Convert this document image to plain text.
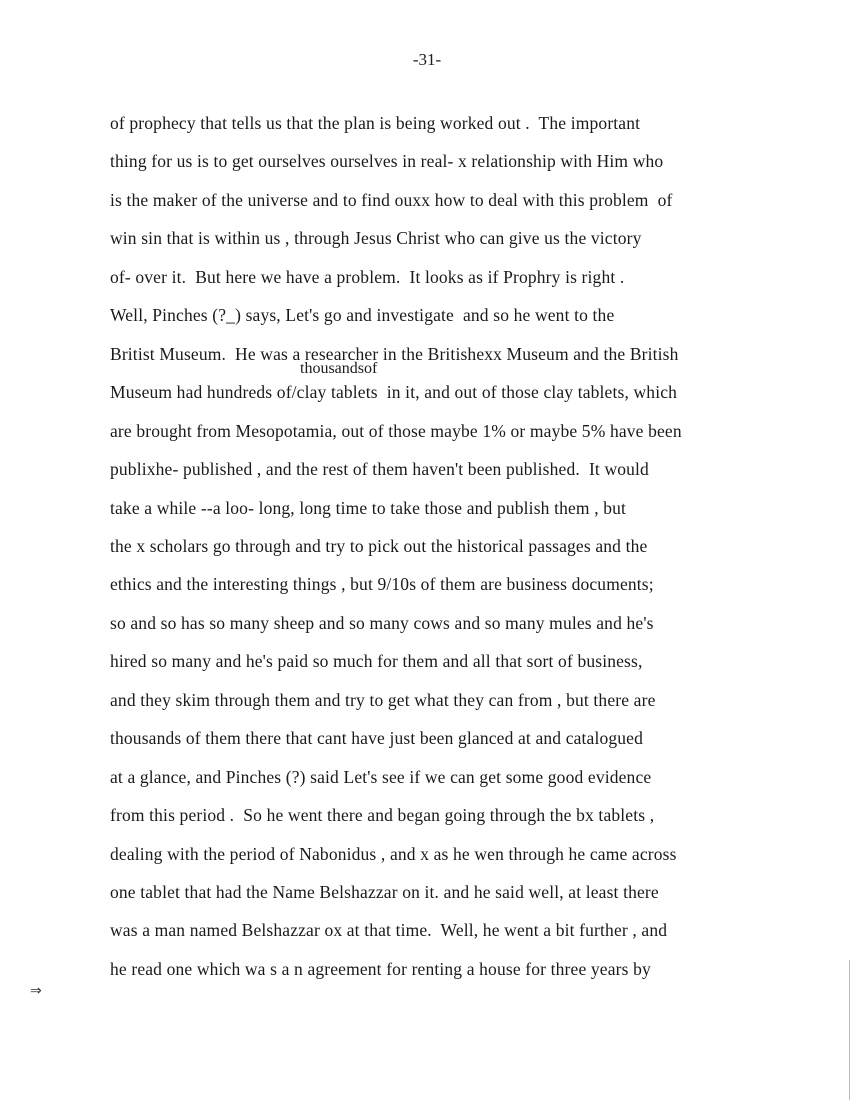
-31-
thousandsof
of prophecy that tells us that the plan is being worked out .  The important
thing for us is to get ourselves ourselves in real- x relationship with Him who
is the maker of the universe and to find ouxx how to deal with this problem  of
win sin that is within us , through Jesus Christ who can give us the victory
of- over it.  But here we have a problem.  It looks as if Prophry is right .
Well, Pinches (?_) says, Let's go and investigate  and so he went to the
Britist Museum.  He was a researcher in the Britishexx Museum and the British
Museum had hundreds of/clay tablets  in it, and out of those clay tablets, which
are brought from Mesopotamia, out of those maybe 1% or maybe 5% have been
publixhe- published , and the rest of them haven't been published.  It would
take a while --a loo- long, long time to take those and publish them , but
the x scholars go through and try to pick out the historical passages and the
ethics and the interesting things , but 9/10s of them are business documents;
so and so has so many sheep and so many cows and so many mules and he's
hired so many and he's paid so much for them and all that sort of business,
and they skim through them and try to get what they can from , but there are
thousands of them there that cant have just been glanced at and catalogued
at a glance, and Pinches (?) said Let's see if we can get some good evidence
from this period .  So he went there and began going through the bx tablets ,
dealing with the period of Nabonidus , and x as he wen through he came across
one tablet that had the Name Belshazzar on it. and he said well, at least there
was a man named Belshazzar ox at that time.  Well, he went a bit further , and
he read one which wa s a n agreement for renting a house for three years by
⇒
